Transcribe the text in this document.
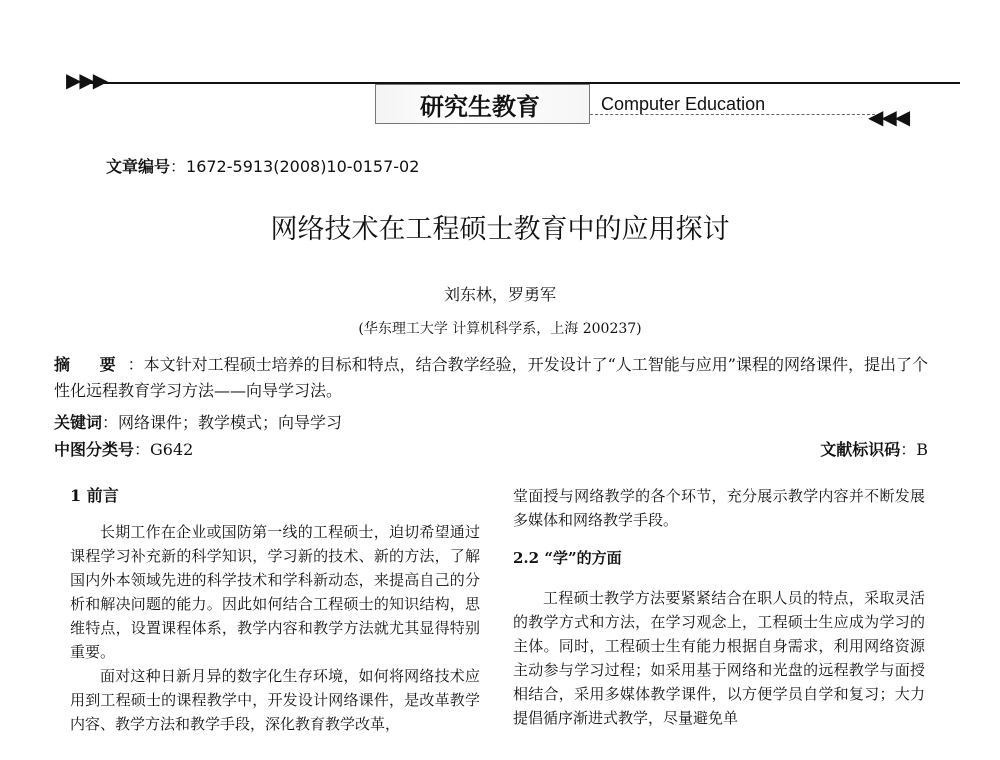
▶▶▶
◀◀◀
研究生教育	Computer Education
文章编号：1672-5913(2008)10-0157-02
网络技术在工程硕士教育中的应用探讨
刘东林，罗勇军
(华东理工大学 计算机科学系，上海 200237)
摘 要：本文针对工程硕士培养的目标和特点，结合教学经验，开发设计了“人工智能与应用”课程的网络课件，提出了个性化远程教育学习方法——向导学习法。
关键词：网络课件；教学模式；向导学习
中图分类号：G642	文献标识码：B
1 前言

长期工作在企业或国防第一线的工程硕士，迫切希望通过课程学习补充新的科学知识，学习新的技术、新的方法，了解国内外本领域先进的科学技术和学科新动态，来提高自己的分析和解决问题的能力。因此如何结合工程硕士的知识结构，思维特点，设置课程体系，教学内容和教学方法就尤其显得特别重要。

面对这种日新月异的数字化生存环境，如何将网络技术应用到工程硕士的课程教学中，开发设计网络课件，是改革教学内容、教学方法和教学手段，深化教育教学改革，

堂面授与网络教学的各个环节，充分展示教学内容并不断发展多媒体和网络教学手段。

2.2 “学”的方面

工程硕士教学方法要紧紧结合在职人员的特点，采取灵活的教学方式和方法，在学习观念上，工程硕士生应成为学习的主体。同时，工程硕士生有能力根据自身需求，利用网络资源主动参与学习过程；如采用基于网络和光盘的远程教学与面授相结合，采用多媒体教学课件，以方便学员自学和复习；大力提倡循序渐进式教学，尽量避免单
